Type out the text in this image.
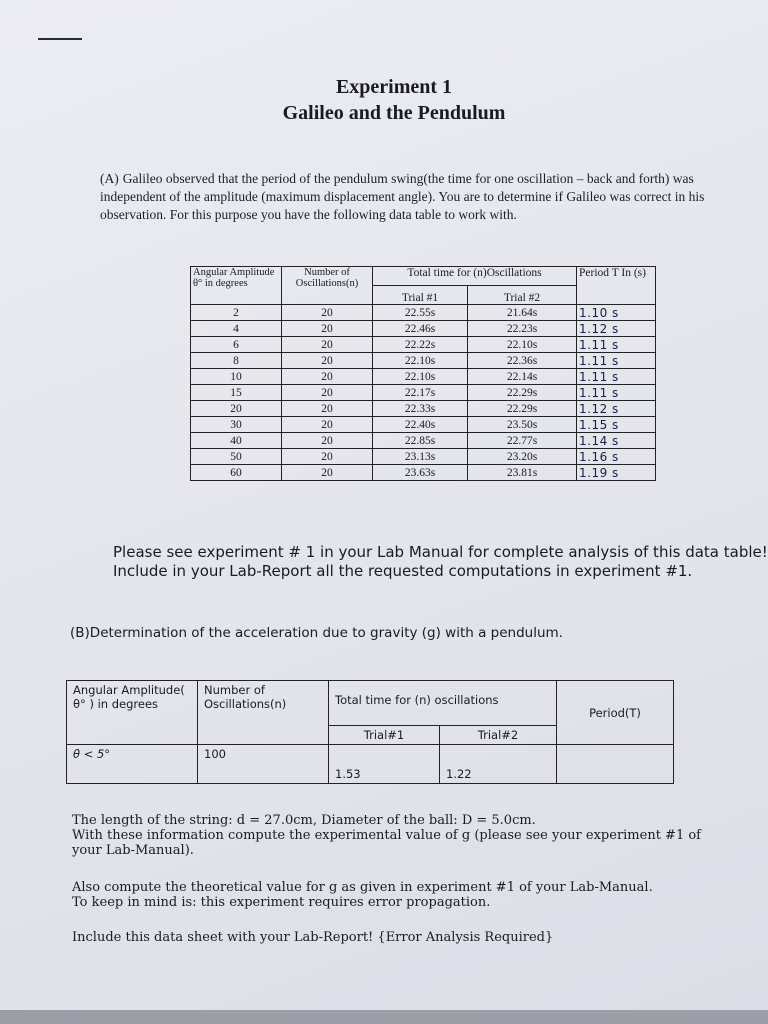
Experiment 1
Galileo and the Pendulum
(A) Galileo observed that the period of the pendulum swing(the time for one oscillation – back and forth) was independent of the amplitude (maximum displacement angle). You are to determine if Galileo was correct in his observation. For this purpose you have the following data table to work with.
Angular Amplitude θ° in degrees	Number of Oscillations(n)	Total time for (n)Oscillations		Period T In (s)
		Trial #1	Trial #2	
2	20	22.55s	21.64s	1.10 s
4	20	22.46s	22.23s	1.12 s
6	20	22.22s	22.10s	1.11 s
8	20	22.10s	22.36s	1.11 s
10	20	22.10s	22.14s	1.11 s
15	20	22.17s	22.29s	1.11 s
20	20	22.33s	22.29s	1.12 s
30	20	22.40s	23.50s	1.15 s
40	20	22.85s	22.77s	1.14 s
50	20	23.13s	23.20s	1.16 s
60	20	23.63s	23.81s	1.19 s
Please see experiment # 1 in your Lab Manual for complete analysis of this data table!
Include in your Lab-Report all the requested computations in experiment #1.
(B)Determination of the acceleration due to gravity (g) with a pendulum.
Angular Amplitude( θ° ) in degrees	Number of Oscillations(n)	Total time for (n) oscillations		Period(T)
		Trial#1	Trial#2	
θ < 5°	100	1.53	1.22	
The length of the string: d = 27.0cm, Diameter of the ball: D = 5.0cm.
With these information compute the experimental value of g (please see your experiment #1 of your Lab-Manual).
Also compute the theoretical value for g as given in experiment #1 of your Lab-Manual.
To keep in mind is: this experiment requires error propagation.
Include this data sheet with your Lab-Report! {Error Analysis Required}
